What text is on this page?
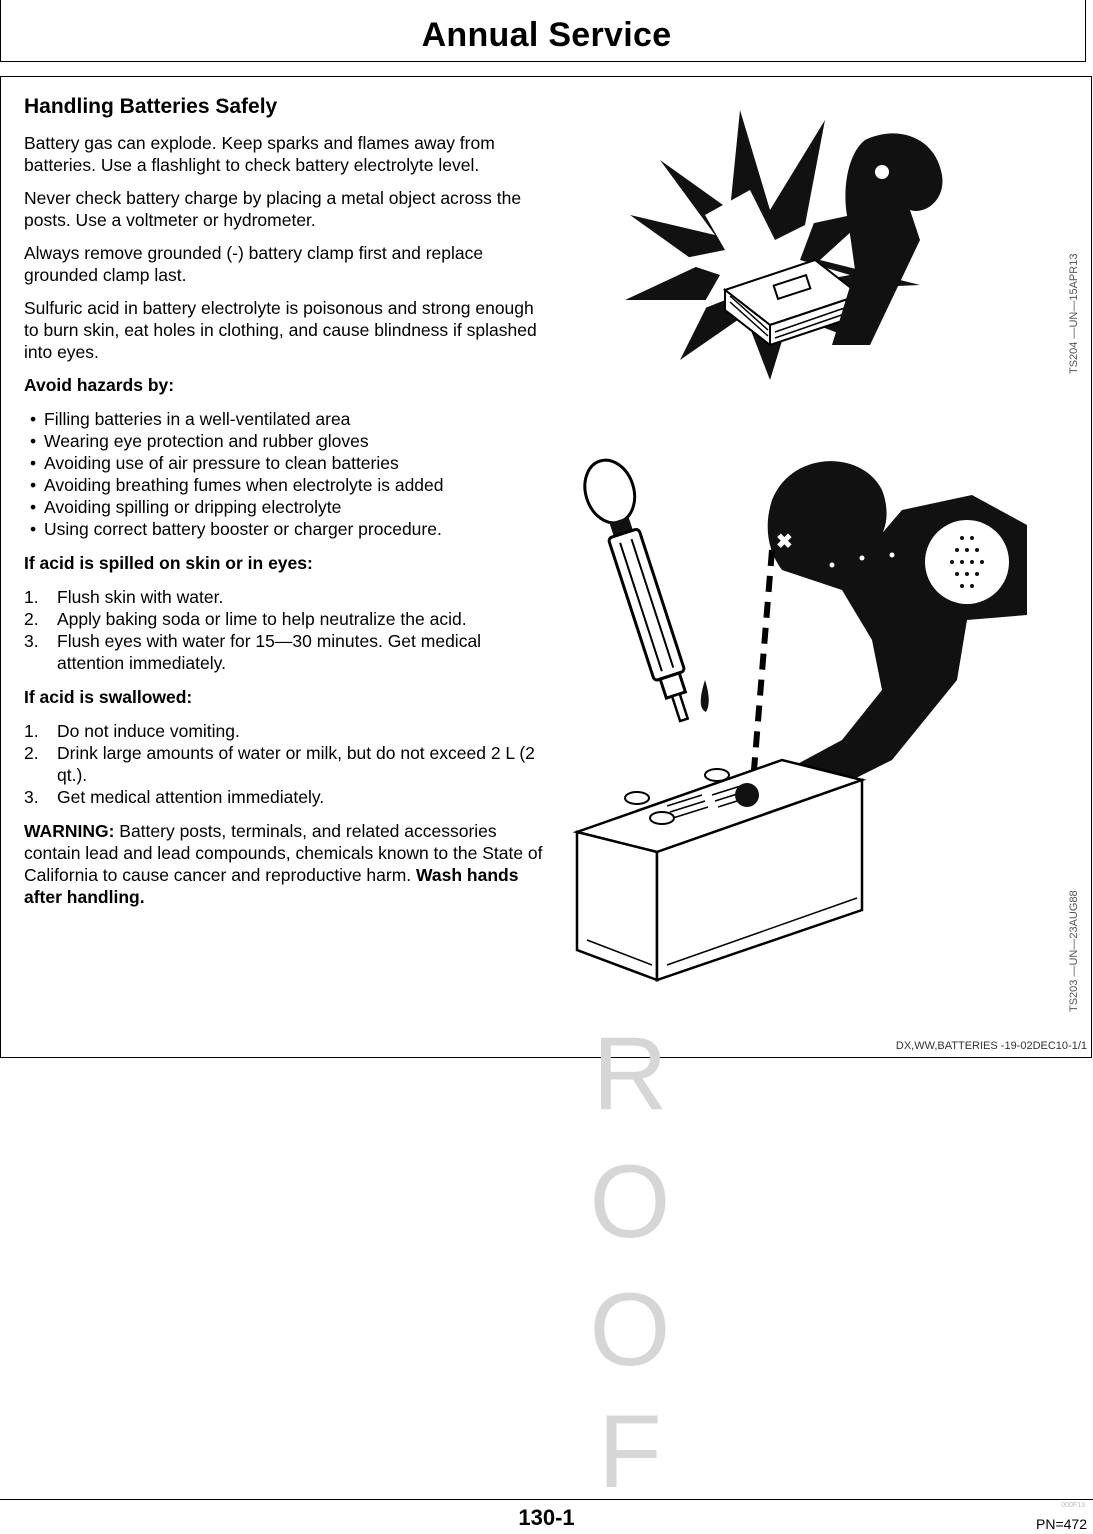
Annual Service
Handling Batteries Safely

Battery gas can explode. Keep sparks and flames away from batteries. Use a flashlight to check battery electrolyte level.

Never check battery charge by placing a metal object across the posts. Use a voltmeter or hydrometer.

Always remove grounded (-) battery clamp first and replace grounded clamp last.

Sulfuric acid in battery electrolyte is poisonous and strong enough to burn skin, eat holes in clothing, and cause blindness if splashed into eyes.

Avoid hazards by:
• Filling batteries in a well-ventilated area
• Wearing eye protection and rubber gloves
• Avoiding use of air pressure to clean batteries
• Avoiding breathing fumes when electrolyte is added
• Avoiding spilling or dripping electrolyte
• Using correct battery booster or charger procedure.
If acid is spilled on skin or in eyes:
1.	Flush skin with water.
2.	Apply baking soda or lime to help neutralize the acid.
3.	Flush eyes with water for 15—30 minutes. Get medical attention immediately.
If acid is swallowed:
1.	Do not induce vomiting.
2.	Drink large amounts of water or milk, but do not exceed 2 L (2 qt.).
3.	Get medical attention immediately.

WARNING: Battery posts, terminals, and related accessories contain lead and lead compounds, chemicals known to the State of California to cause cancer and reproductive harm. Wash hands after handling.

✖
TS204 —UN—15APR13
TS203 —UN—23AUG88
DX,WW,BATTERIES -19-02DEC10-1/1
R
O
O
F
130-1	000F13
PN=472
